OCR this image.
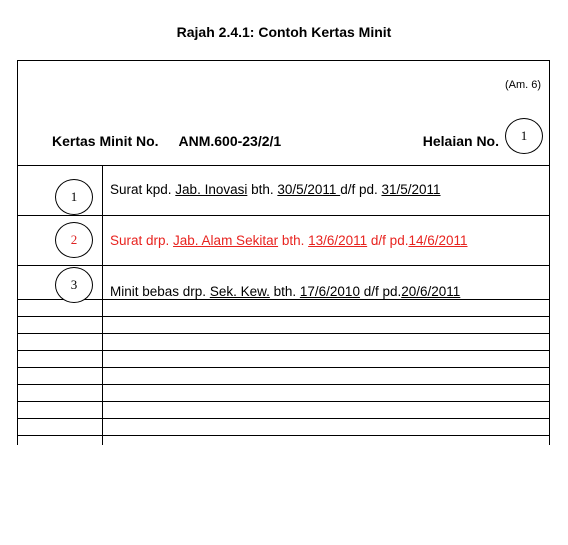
Rajah 2.4.1: Contoh Kertas Minit
(Am. 6)
Kertas Minit No. ANM.600-23/2/1	Helaian No.	1
1	Surat kpd. Jab. Inovasi bth. 30/5/2011 d/f pd. 31/5/2011
2	Surat drp. Jab. Alam Sekitar bth. 13/6/2011 d/f pd.14/6/2011
3	Minit bebas drp. Sek. Kew. bth. 17/6/2010 d/f pd.20/6/2011
